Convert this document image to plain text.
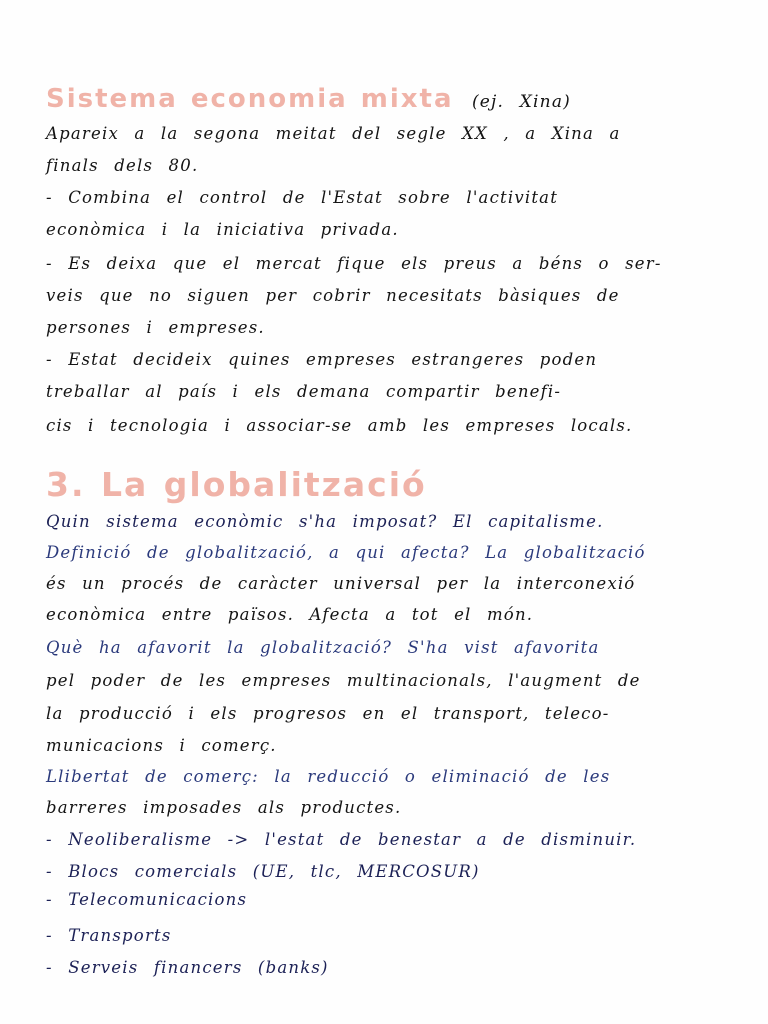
Sistema economia mixta (ej. Xina)
Apareix a la segona meitat del segle XX , a Xina a
finals dels 80.
- Combina el control de l'Estat sobre l'activitat
econòmica i la iniciativa privada.
- Es deixa que el mercat fique els preus a béns o ser-
veis que no siguen per cobrir necesitats bàsiques de
persones i empreses.
- Estat decideix quines empreses estrangeres poden
treballar al país i els demana compartir benefi-
cis i tecnologia i associar-se amb les empreses locals.
3. La globalització
Quin sistema econòmic s'ha imposat? El capitalisme.
Definició de globalització, a qui afecta? La globalització
és un procés de caràcter universal per la interconexió
econòmica entre països. Afecta a tot el món.
Què ha afavorit la globalització? S'ha vist afavorita
pel poder de les empreses multinacionals, l'augment de
la producció i els progresos en el transport, teleco-
municacions i comerç.
Llibertat de comerç: la reducció o eliminació de les
barreres imposades als productes.
- Neoliberalisme -> l'estat de benestar a de disminuir.
- Blocs comercials (UE, tlc, MERCOSUR)
- Telecomunicacions
- Transports
- Serveis financers (banks)
